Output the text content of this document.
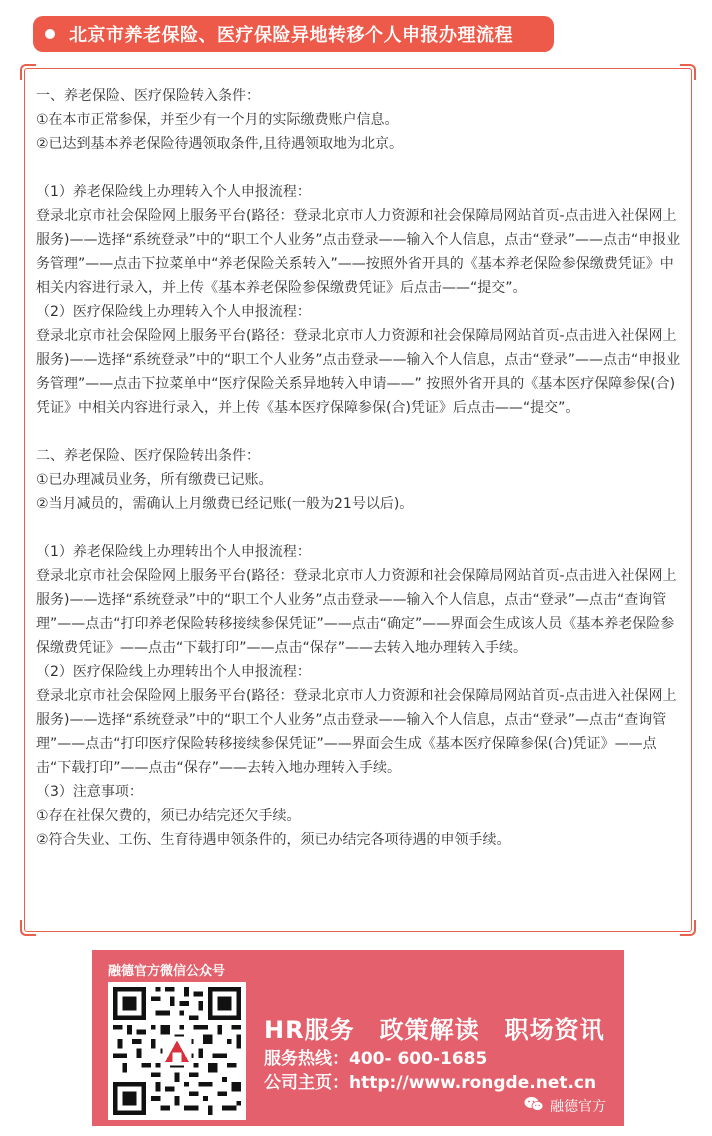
北京市养老保险、医疗保险异地转移个人申报办理流程

一、养老保险、医疗保险转入条件：

①在本市正常参保，并至少有一个月的实际缴费账户信息。

②已达到基本养老保险待遇领取条件,且待遇领取地为北京。

（1）养老保险线上办理转入个人申报流程：

登录北京市社会保险网上服务平台(路径：登录北京市人力资源和社会保障局网站首页-点击进入社保网上服务)——选择“系统登录”中的“职工个人业务”点击登录——输入个人信息，点击“登录”——点击“申报业务管理”——点击下拉菜单中“养老保险关系转入”——按照外省开具的《基本养老保险参保缴费凭证》中相关内容进行录入，并上传《基本养老保险参保缴费凭证》后点击——“提交”。

（2）医疗保险线上办理转入个人申报流程：

登录北京市社会保险网上服务平台(路径：登录北京市人力资源和社会保障局网站首页-点击进入社保网上服务)——选择“系统登录”中的“职工个人业务”点击登录——输入个人信息，点击“登录”——点击“申报业务管理”——点击下拉菜单中“医疗保险关系异地转入申请——” 按照外省开具的《基本医疗保障参保(合)凭证》中相关内容进行录入，并上传《基本医疗保障参保(合)凭证》后点击——“提交”。

二、养老保险、医疗保险转出条件：

①已办理减员业务，所有缴费已记账。

②当月减员的，需确认上月缴费已经记账(一般为21号以后)。

（1）养老保险线上办理转出个人申报流程：

登录北京市社会保险网上服务平台(路径：登录北京市人力资源和社会保障局网站首页-点击进入社保网上服务)——选择“系统登录”中的“职工个人业务”点击登录——输入个人信息，点击“登录”—点击“查询管理”——点击“打印养老保险转移接续参保凭证”——点击“确定”——界面会生成该人员《基本养老保险参保缴费凭证》——点击“下载打印”——点击“保存”——去转入地办理转入手续。

（2）医疗保险线上办理转出个人申报流程：

登录北京市社会保险网上服务平台(路径：登录北京市人力资源和社会保障局网站首页-点击进入社保网上服务)——选择“系统登录”中的“职工个人业务”点击登录——输入个人信息，点击“登录”—点击“查询管理”——点击“打印医疗保险转移接续参保凭证”——界面会生成《基本医疗保障参保(合)凭证》——点击“下载打印”——点击“保存”——去转入地办理转入手续。

（3）注意事项：

①存在社保欠费的，须已办结完还欠手续。

②符合失业、工伤、生育待遇申领条件的，须已办结完各项待遇的申领手续。

融德官方微信公众号
HR服务　政策解读　职场资讯
服务热线：400- 600-1685
公司主页：http://www.rongde.net.cn
融德官方
